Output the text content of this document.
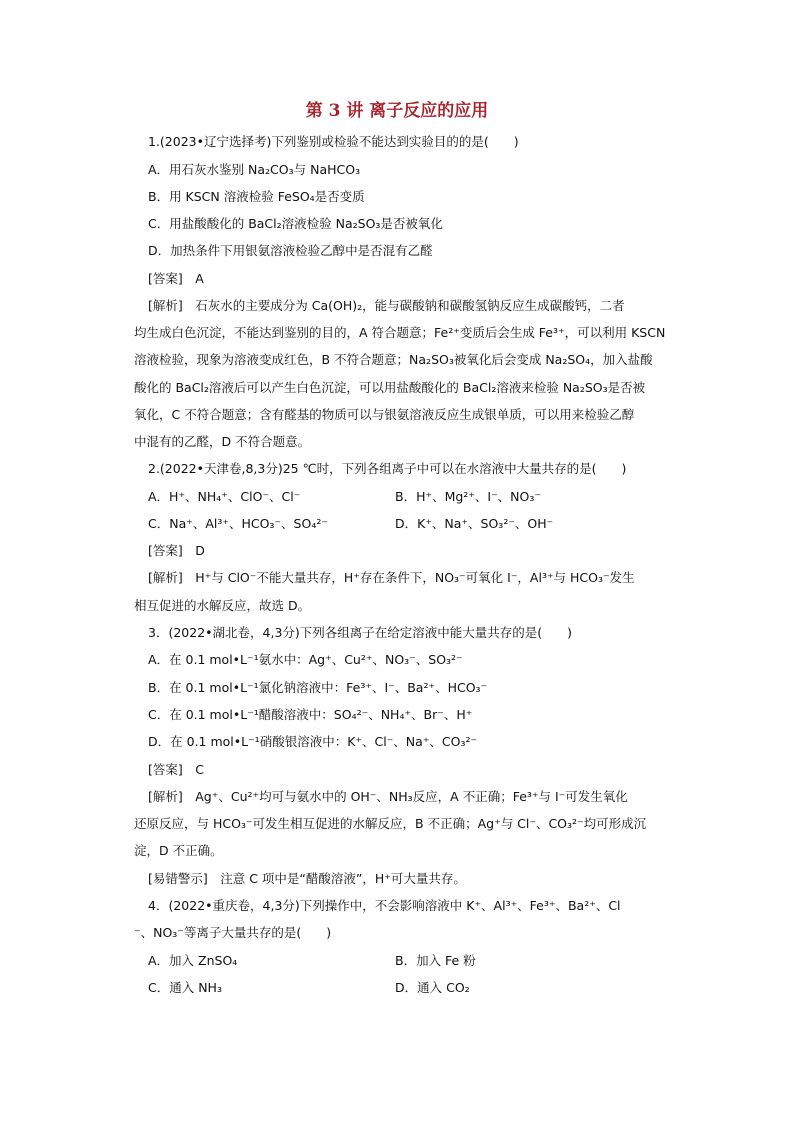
第 3 讲 离子反应的应用
1.(2023•辽宁选择考)下列鉴别或检验不能达到实验目的的是(　　)
A．用石灰水鉴别 Na₂CO₃与 NaHCO₃
B．用 KSCN 溶液检验 FeSO₄是否变质
C．用盐酸酸化的 BaCl₂溶液检验 Na₂SO₃是否被氧化
D．加热条件下用银氨溶液检验乙醇中是否混有乙醛
[答案]　A
[解析]　石灰水的主要成分为 Ca(OH)₂，能与碳酸钠和碳酸氢钠反应生成碳酸钙，二者
均生成白色沉淀，不能达到鉴别的目的，A 符合题意；Fe²⁺变质后会生成 Fe³⁺，可以利用 KSCN
溶液检验，现象为溶液变成红色，B 不符合题意；Na₂SO₃被氧化后会变成 Na₂SO₄，加入盐酸
酸化的 BaCl₂溶液后可以产生白色沉淀，可以用盐酸酸化的 BaCl₂溶液来检验 Na₂SO₃是否被
氧化，C 不符合题意；含有醛基的物质可以与银氨溶液反应生成银单质，可以用来检验乙醇
中混有的乙醛，D 不符合题意。
2.(2022•天津卷,8,3分)25 ℃时，下列各组离子中可以在水溶液中大量共存的是(　　)
A．H⁺、NH₄⁺、ClO⁻、Cl⁻	B．H⁺、Mg²⁺、I⁻、NO₃⁻
C．Na⁺、Al³⁺、HCO₃⁻、SO₄²⁻	D．K⁺、Na⁺、SO₃²⁻、OH⁻
[答案]　D
[解析]　H⁺与 ClO⁻不能大量共存，H⁺存在条件下，NO₃⁻可氧化 I⁻，Al³⁺与 HCO₃⁻发生
相互促进的水解反应，故选 D。
3．(2022•湖北卷，4,3分)下列各组离子在给定溶液中能大量共存的是(　　)
A．在 0.1 mol•L⁻¹氨水中：Ag⁺、Cu²⁺、NO₃⁻、SO₃²⁻
B．在 0.1 mol•L⁻¹氯化钠溶液中：Fe³⁺、I⁻、Ba²⁺、HCO₃⁻
C．在 0.1 mol•L⁻¹醋酸溶液中：SO₄²⁻、NH₄⁺、Br⁻、H⁺
D．在 0.1 mol•L⁻¹硝酸银溶液中：K⁺、Cl⁻、Na⁺、CO₃²⁻
[答案]　C
[解析]　Ag⁺、Cu²⁺均可与氨水中的 OH⁻、NH₃反应，A 不正确；Fe³⁺与 I⁻可发生氧化
还原反应，与 HCO₃⁻可发生相互促进的水解反应，B 不正确；Ag⁺与 Cl⁻、CO₃²⁻均可形成沉
淀，D 不正确。
[易错警示]　注意 C 项中是“醋酸溶液”，H⁺可大量共存。
4．(2022•重庆卷，4,3分)下列操作中，不会影响溶液中 K⁺、Al³⁺、Fe³⁺、Ba²⁺、Cl
⁻、NO₃⁻等离子大量共存的是(　　)
A．加入 ZnSO₄	B．加入 Fe 粉
C．通入 NH₃	D．通入 CO₂
